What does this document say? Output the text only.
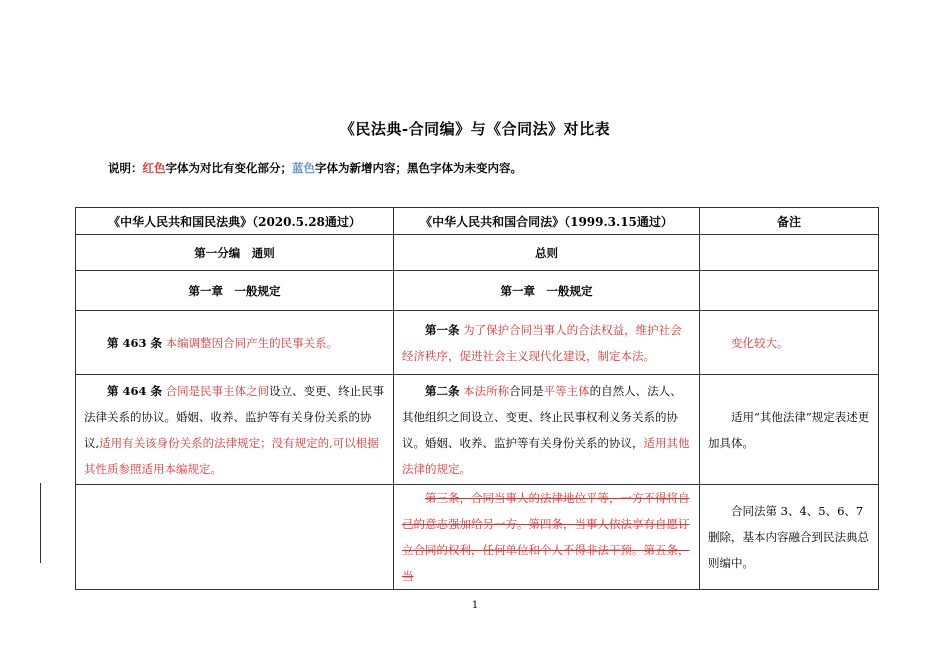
《民法典-合同编》与《合同法》对比表
说明：红色字体为对比有变化部分；蓝色字体为新增内容；黑色字体为未变内容。
《中华人民共和国民法典》（2020.5.28通过）	《中华人民共和国合同法》（1999.3.15通过）	备注
第一分编　通则	总则	
第一章　一般规定	第一章　一般规定	
第 463 条 本编调整因合同产生的民事关系。	第一条 为了保护合同当事人的合法权益，维护社会经济秩序，促进社会主义现代化建设，制定本法。	变化较大。
第 464 条 合同是民事主体之间设立、变更、终止民事法律关系的协议。婚姻、收养、监护等有关身份关系的协议,适用有关该身份关系的法律规定；没有规定的,可以根据其性质参照适用本编规定。	第二条 本法所称合同是平等主体的自然人、法人、其他组织之间设立、变更、终止民事权利义务关系的协议。婚姻、收养、监护等有关身份关系的协议，适用其他法律的规定。	适用“其他法律”规定表述更加具体。
	第三条，合同当事人的法律地位平等，一方不得将自己的意志强加给另一方。第四条，当事人依法享有自愿订立合同的权利，任何单位和个人不得非法干预。第五条，当	合同法第 3、4、5、6、7 删除，基本内容融合到民法典总则编中。
1
